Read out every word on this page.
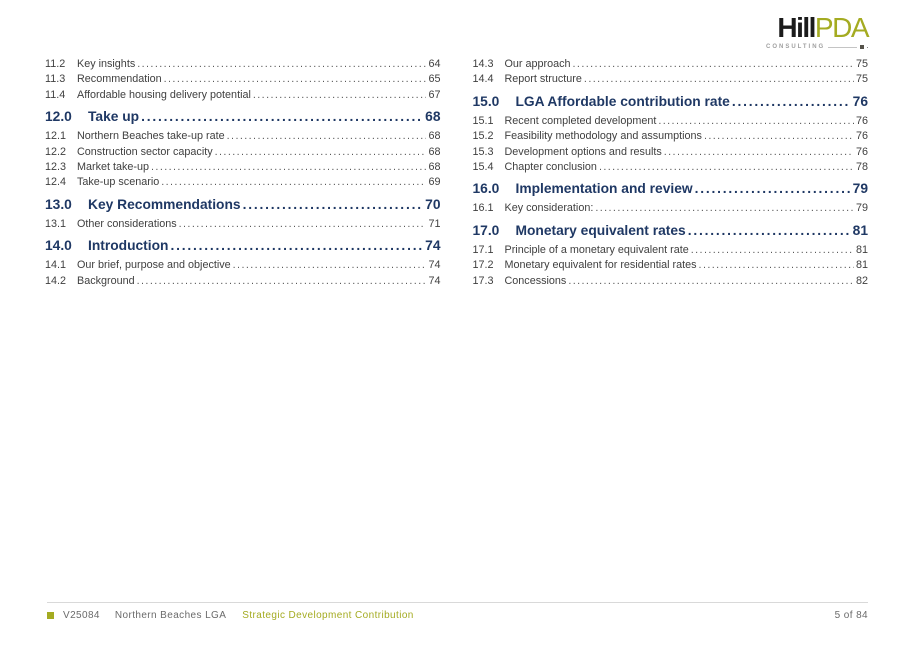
HillPDA
CONSULTING
11.2	Key insights .....	64
11.3	Recommendation .....	65
11.4	Affordable housing delivery potential .....	67
12.0	Take up .....	68
12.1	Northern Beaches take-up rate .....	68
12.2	Construction sector capacity .....	68
12.3	Market take-up .....	68
12.4	Take-up scenario .....	69
13.0	Key Recommendations .....	70
13.1	Other considerations .....	71
14.0	Introduction .....	74
14.1	Our brief, purpose and objective .....	74
14.2	Background .....	74
14.3	Our approach .....	75
14.4	Report structure .....	75
15.0	LGA Affordable contribution rate .....	76
15.1	Recent completed development .....	76
15.2	Feasibility methodology and assumptions .....	76
15.3	Development options and results .....	76
15.4	Chapter conclusion .....	78
16.0	Implementation and review .....	79
16.1	Key consideration: .....	79
17.0	Monetary equivalent rates .....	81
17.1	Principle of a monetary equivalent rate .....	81
17.2	Monetary equivalent for residential rates .....	81
17.3	Concessions .....	82
V25084 Northern Beaches LGA Strategic Development Contribution	5 of 84
